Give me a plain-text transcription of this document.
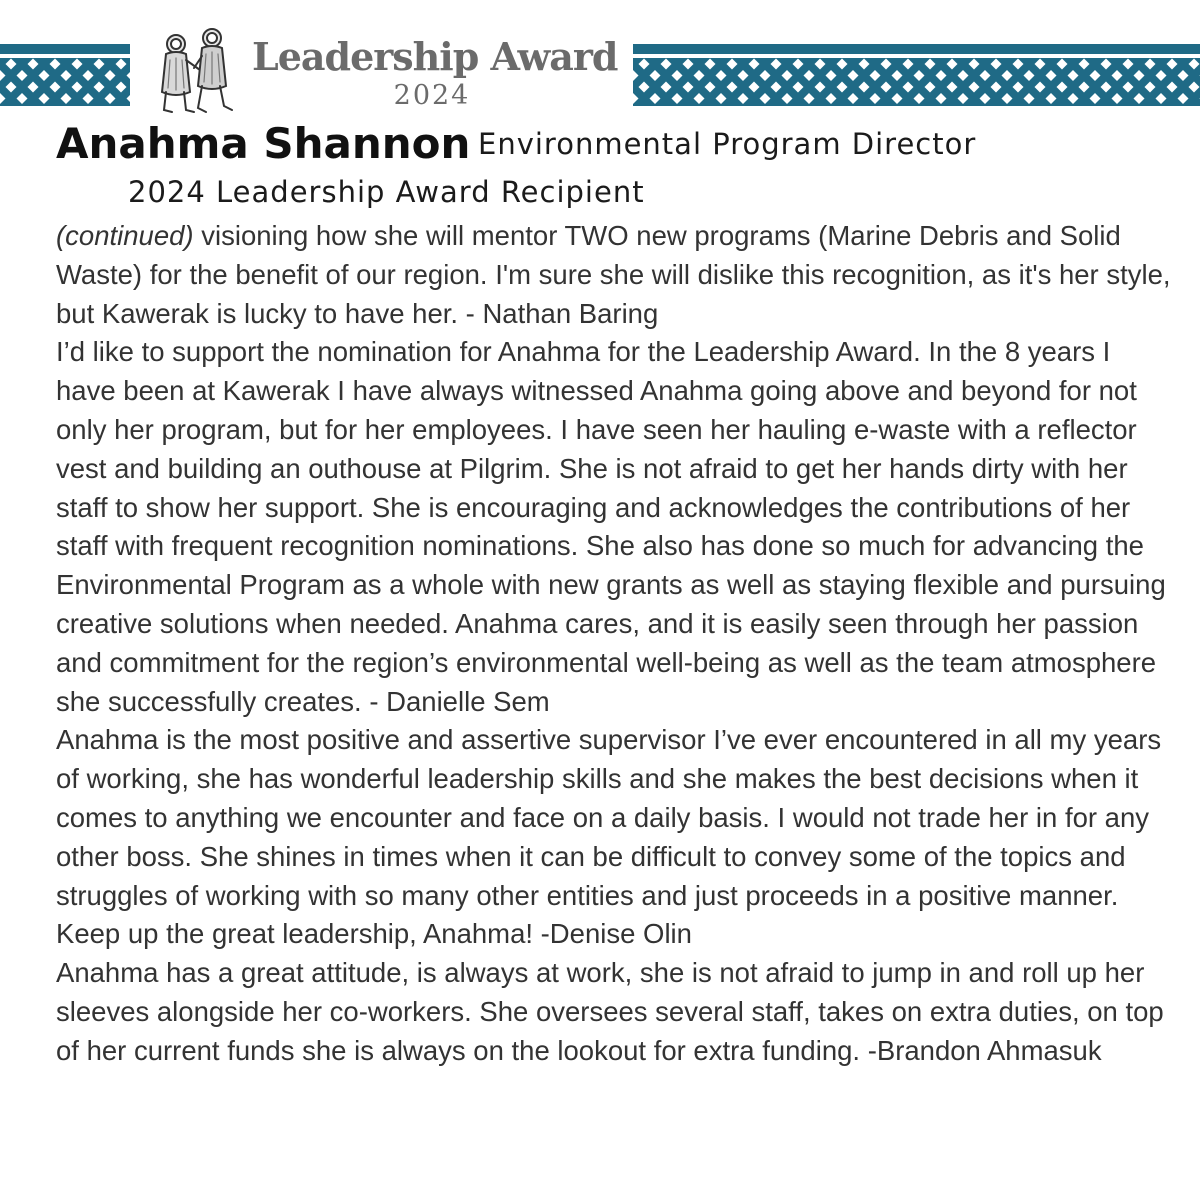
Leadership Award
2024
Anahma Shannon Environmental Program Director
2024 Leadership Award Recipient

(continued) visioning how she will mentor TWO new programs (Marine Debris and Solid Waste) for the benefit of our region. I'm sure she will dislike this recognition, as it's her style, but Kawerak is lucky to have her. - Nathan Baring

I’d like to support the nomination for Anahma for the Leadership Award. In the 8 years I have been at Kawerak I have always witnessed Anahma going above and beyond for not only her program, but for her employees. I have seen her hauling e-waste with a reflector vest and building an outhouse at Pilgrim. She is not afraid to get her hands dirty with her staff to show her support. She is encouraging and acknowledges the contributions of her staff with frequent recognition nominations. She also has done so much for advancing the Environmental Program as a whole with new grants as well as staying flexible and pursuing creative solutions when needed. Anahma cares, and it is easily seen through her passion and commitment for the region’s environmental well-being as well as the team atmosphere she successfully creates. - Danielle Sem

Anahma is the most positive and assertive supervisor I’ve ever encountered in all my years of working, she has wonderful leadership skills and she makes the best decisions when it comes to anything we encounter and face on a daily basis. I would not trade her in for any other boss. She shines in times when it can be difficult to convey some of the topics and struggles of working with so many other entities and just proceeds in a positive manner. Keep up the great leadership, Anahma! -Denise Olin

Anahma has a great attitude, is always at work, she is not afraid to jump in and roll up her sleeves alongside her co-workers. She oversees several staff, takes on extra duties, on top of her current funds she is always on the lookout for extra funding. -Brandon Ahmasuk
